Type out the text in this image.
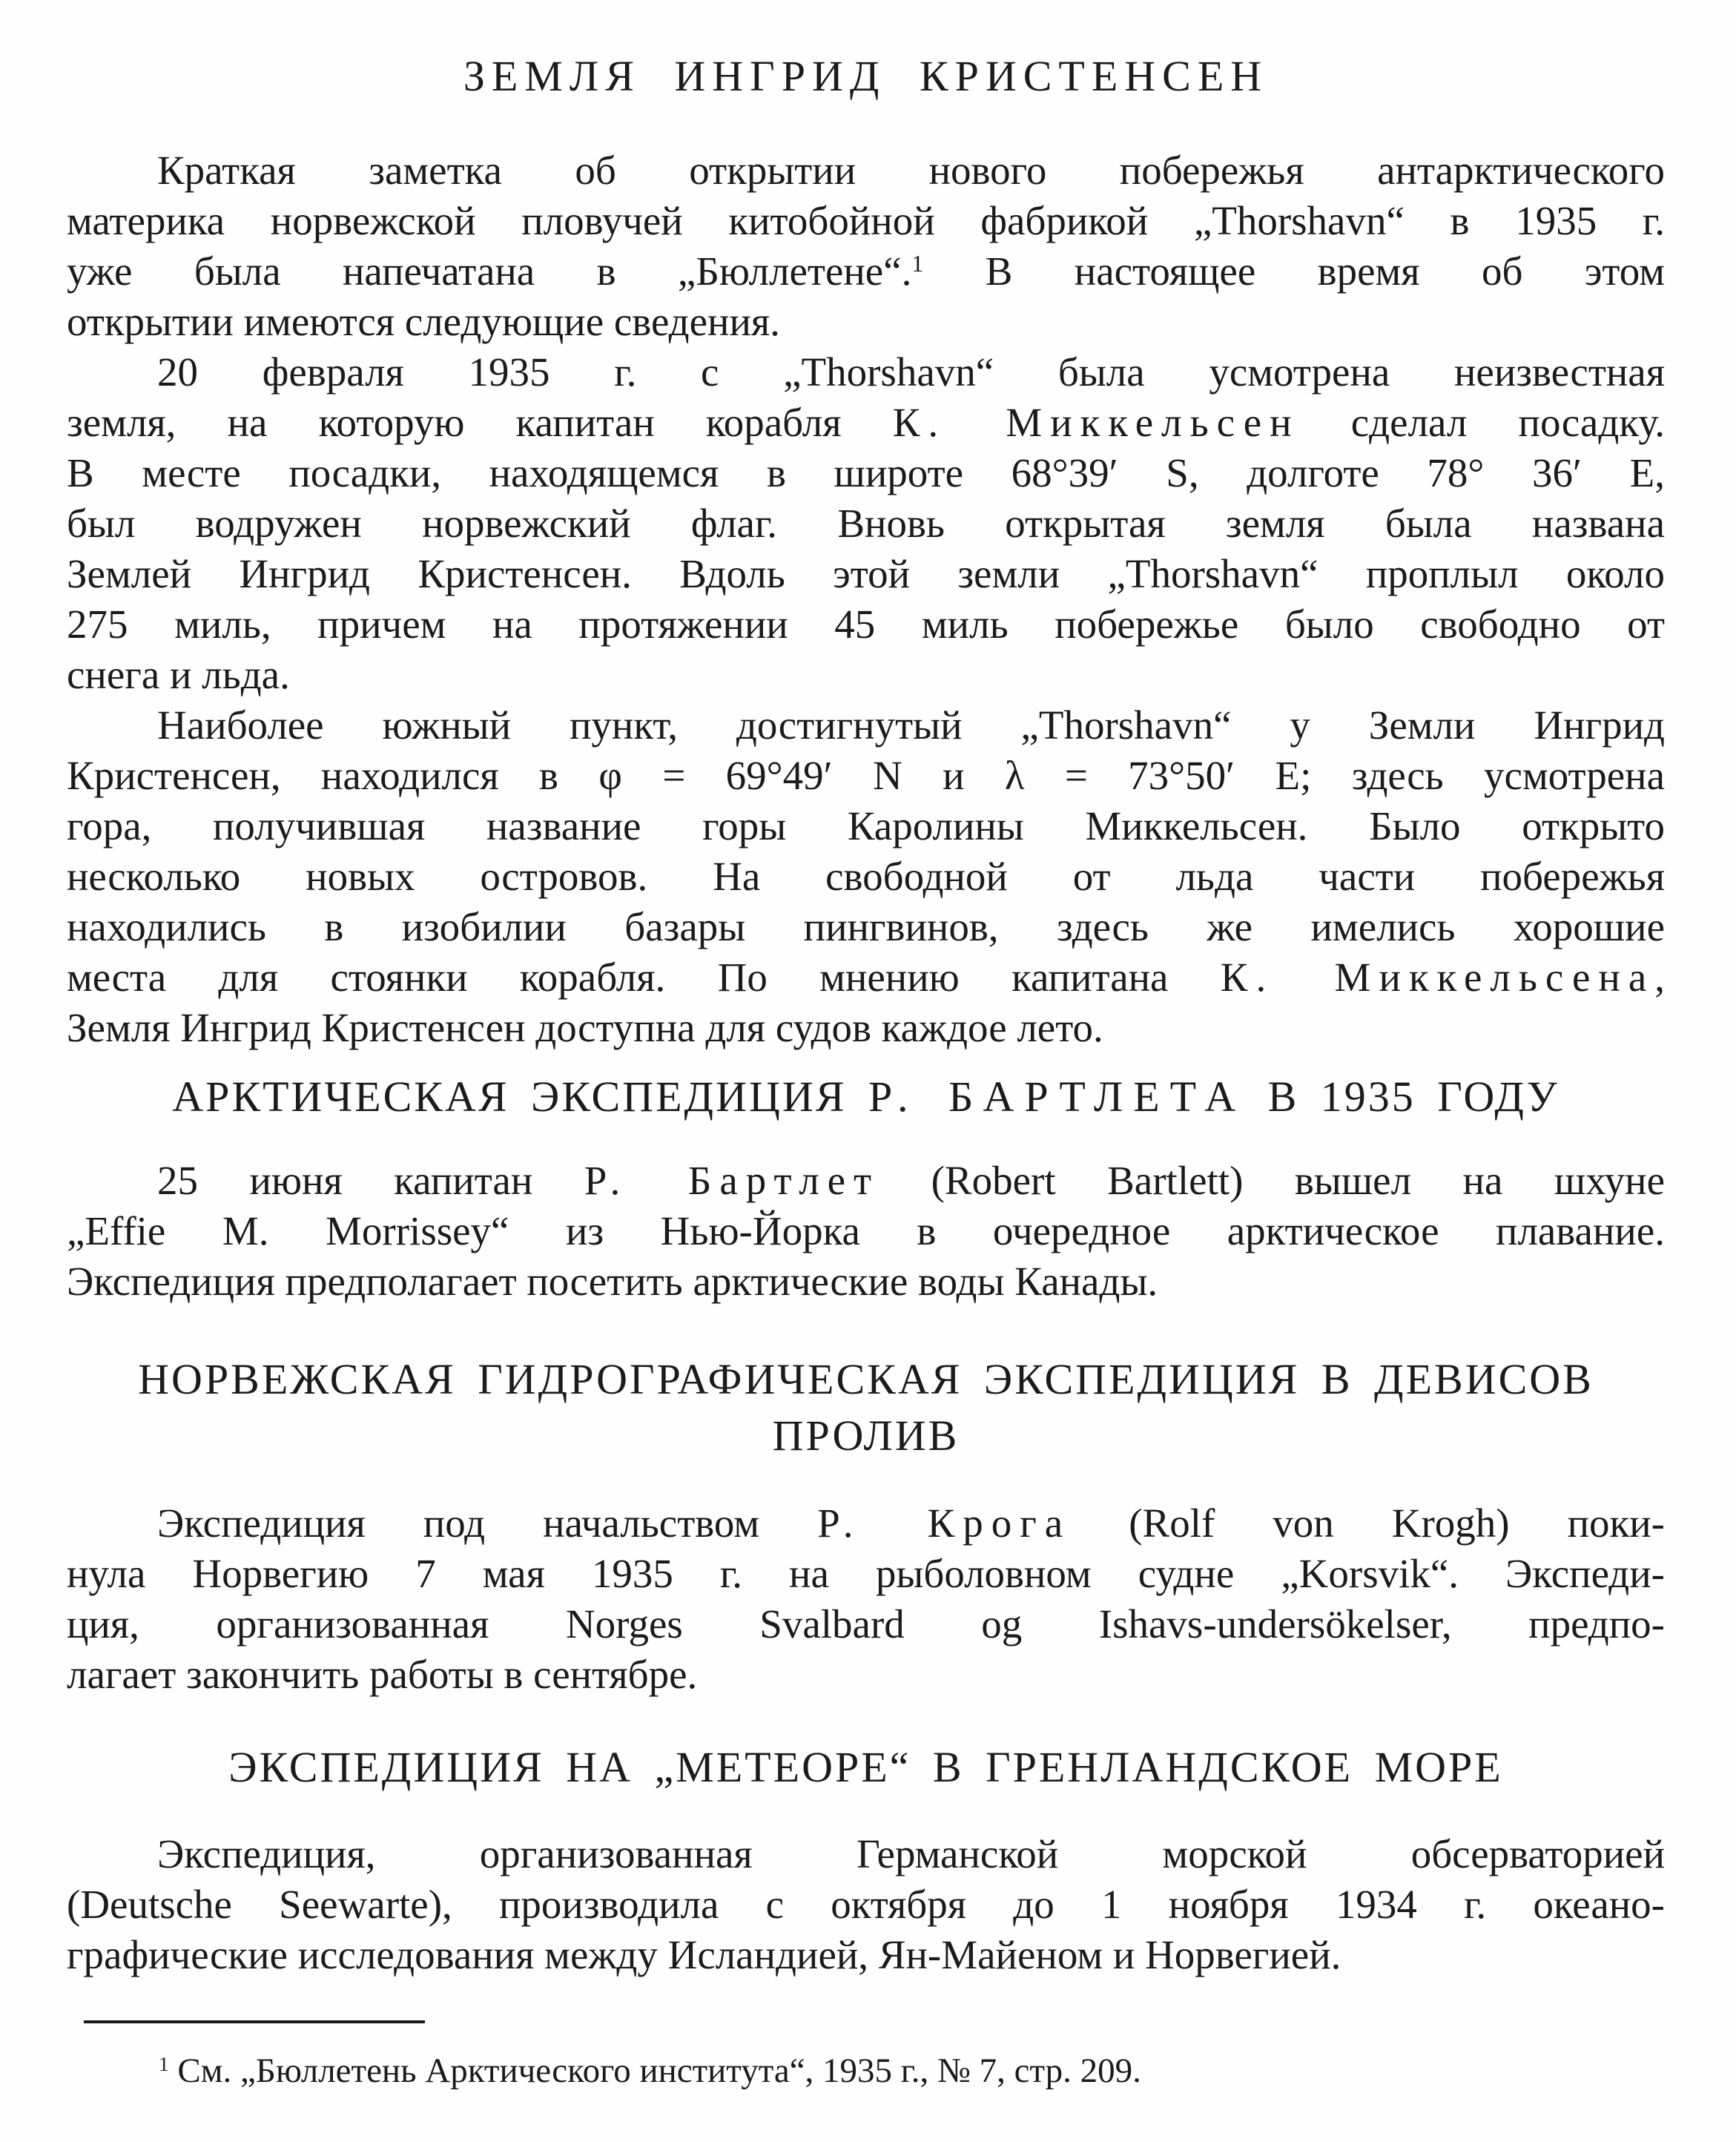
ЗЕМЛЯ ИНГРИД КРИСТЕНСЕН
Краткая заметка об открытии нового побережья антарктического
материка норвежской пловучей китобойной фабрикой „Thorshavn“ в 1935 г.
уже была напечатана в „Бюллетене“.$^1$ В настоящее время об этом
открытии имеются следующие сведения.
20 февраля 1935 г. с „Thorshavn“ была усмотрена неизвестная
земля, на которую капитан корабля К. Миккельсен сделал посадку.
В месте посадки, находящемся в широте 68°39′ S, долготе 78° 36′ E,
был водружен норвежский флаг. Вновь открытая земля была названа
Землей Ингрид Кристенсен. Вдоль этой земли „Thorshavn“ проплыл около
275 миль, причем на протяжении 45 миль побережье было свободно от
снега и льда.
Наиболее южный пункт, достигнутый „Thorshavn“ у Земли Ингрид
Кристенсен, находился в φ = 69°49′ N и λ = 73°50′ E; здесь усмотрена
гора, получившая название горы Каролины Миккельсен. Было открыто
несколько новых островов. На свободной от льда части побережья
находились в изобилии базары пингвинов, здесь же имелись хорошие
места для стоянки корабля. По мнению капитана К. Миккельсена,
Земля Ингрид Кристенсен доступна для судов каждое лето.
АРКТИЧЕСКАЯ ЭКСПЕДИЦИЯ Р. БАРТЛЕТА В 1935 ГОДУ
25 июня капитан Р. Бартлет (Robert Bartlett) вышел на шхуне
„Effie M. Morrissey“ из Нью-Йорка в очередное арктическое плавание.
Экспедиция предполагает посетить арктические воды Канады.
НОРВЕЖСКАЯ ГИДРОГРАФИЧЕСКАЯ ЭКСПЕДИЦИЯ В ДЕВИСОВ
ПРОЛИВ
Экспедиция под начальством Р. Крога (Rolf von Krogh) поки-
нула Норвегию 7 мая 1935 г. на рыболовном судне „Korsvik“. Экспеди-
ция, организованная Norges Svalbard og Ishavs-undersökelser, предпо-
лагает закончить работы в сентябре.
ЭКСПЕДИЦИЯ НА „МЕТЕОРЕ“ В ГРЕНЛАНДСКОЕ МОРЕ
Экспедиция, организованная Германской морской обсерваторией
(Deutsche Seewarte), производила с октября до 1 ноября 1934 г. океано-
графические исследования между Исландией, Ян-Майеном и Норвегией.
$^1$ См. „Бюллетень Арктического института“, 1935 г., № 7, стр. 209.
